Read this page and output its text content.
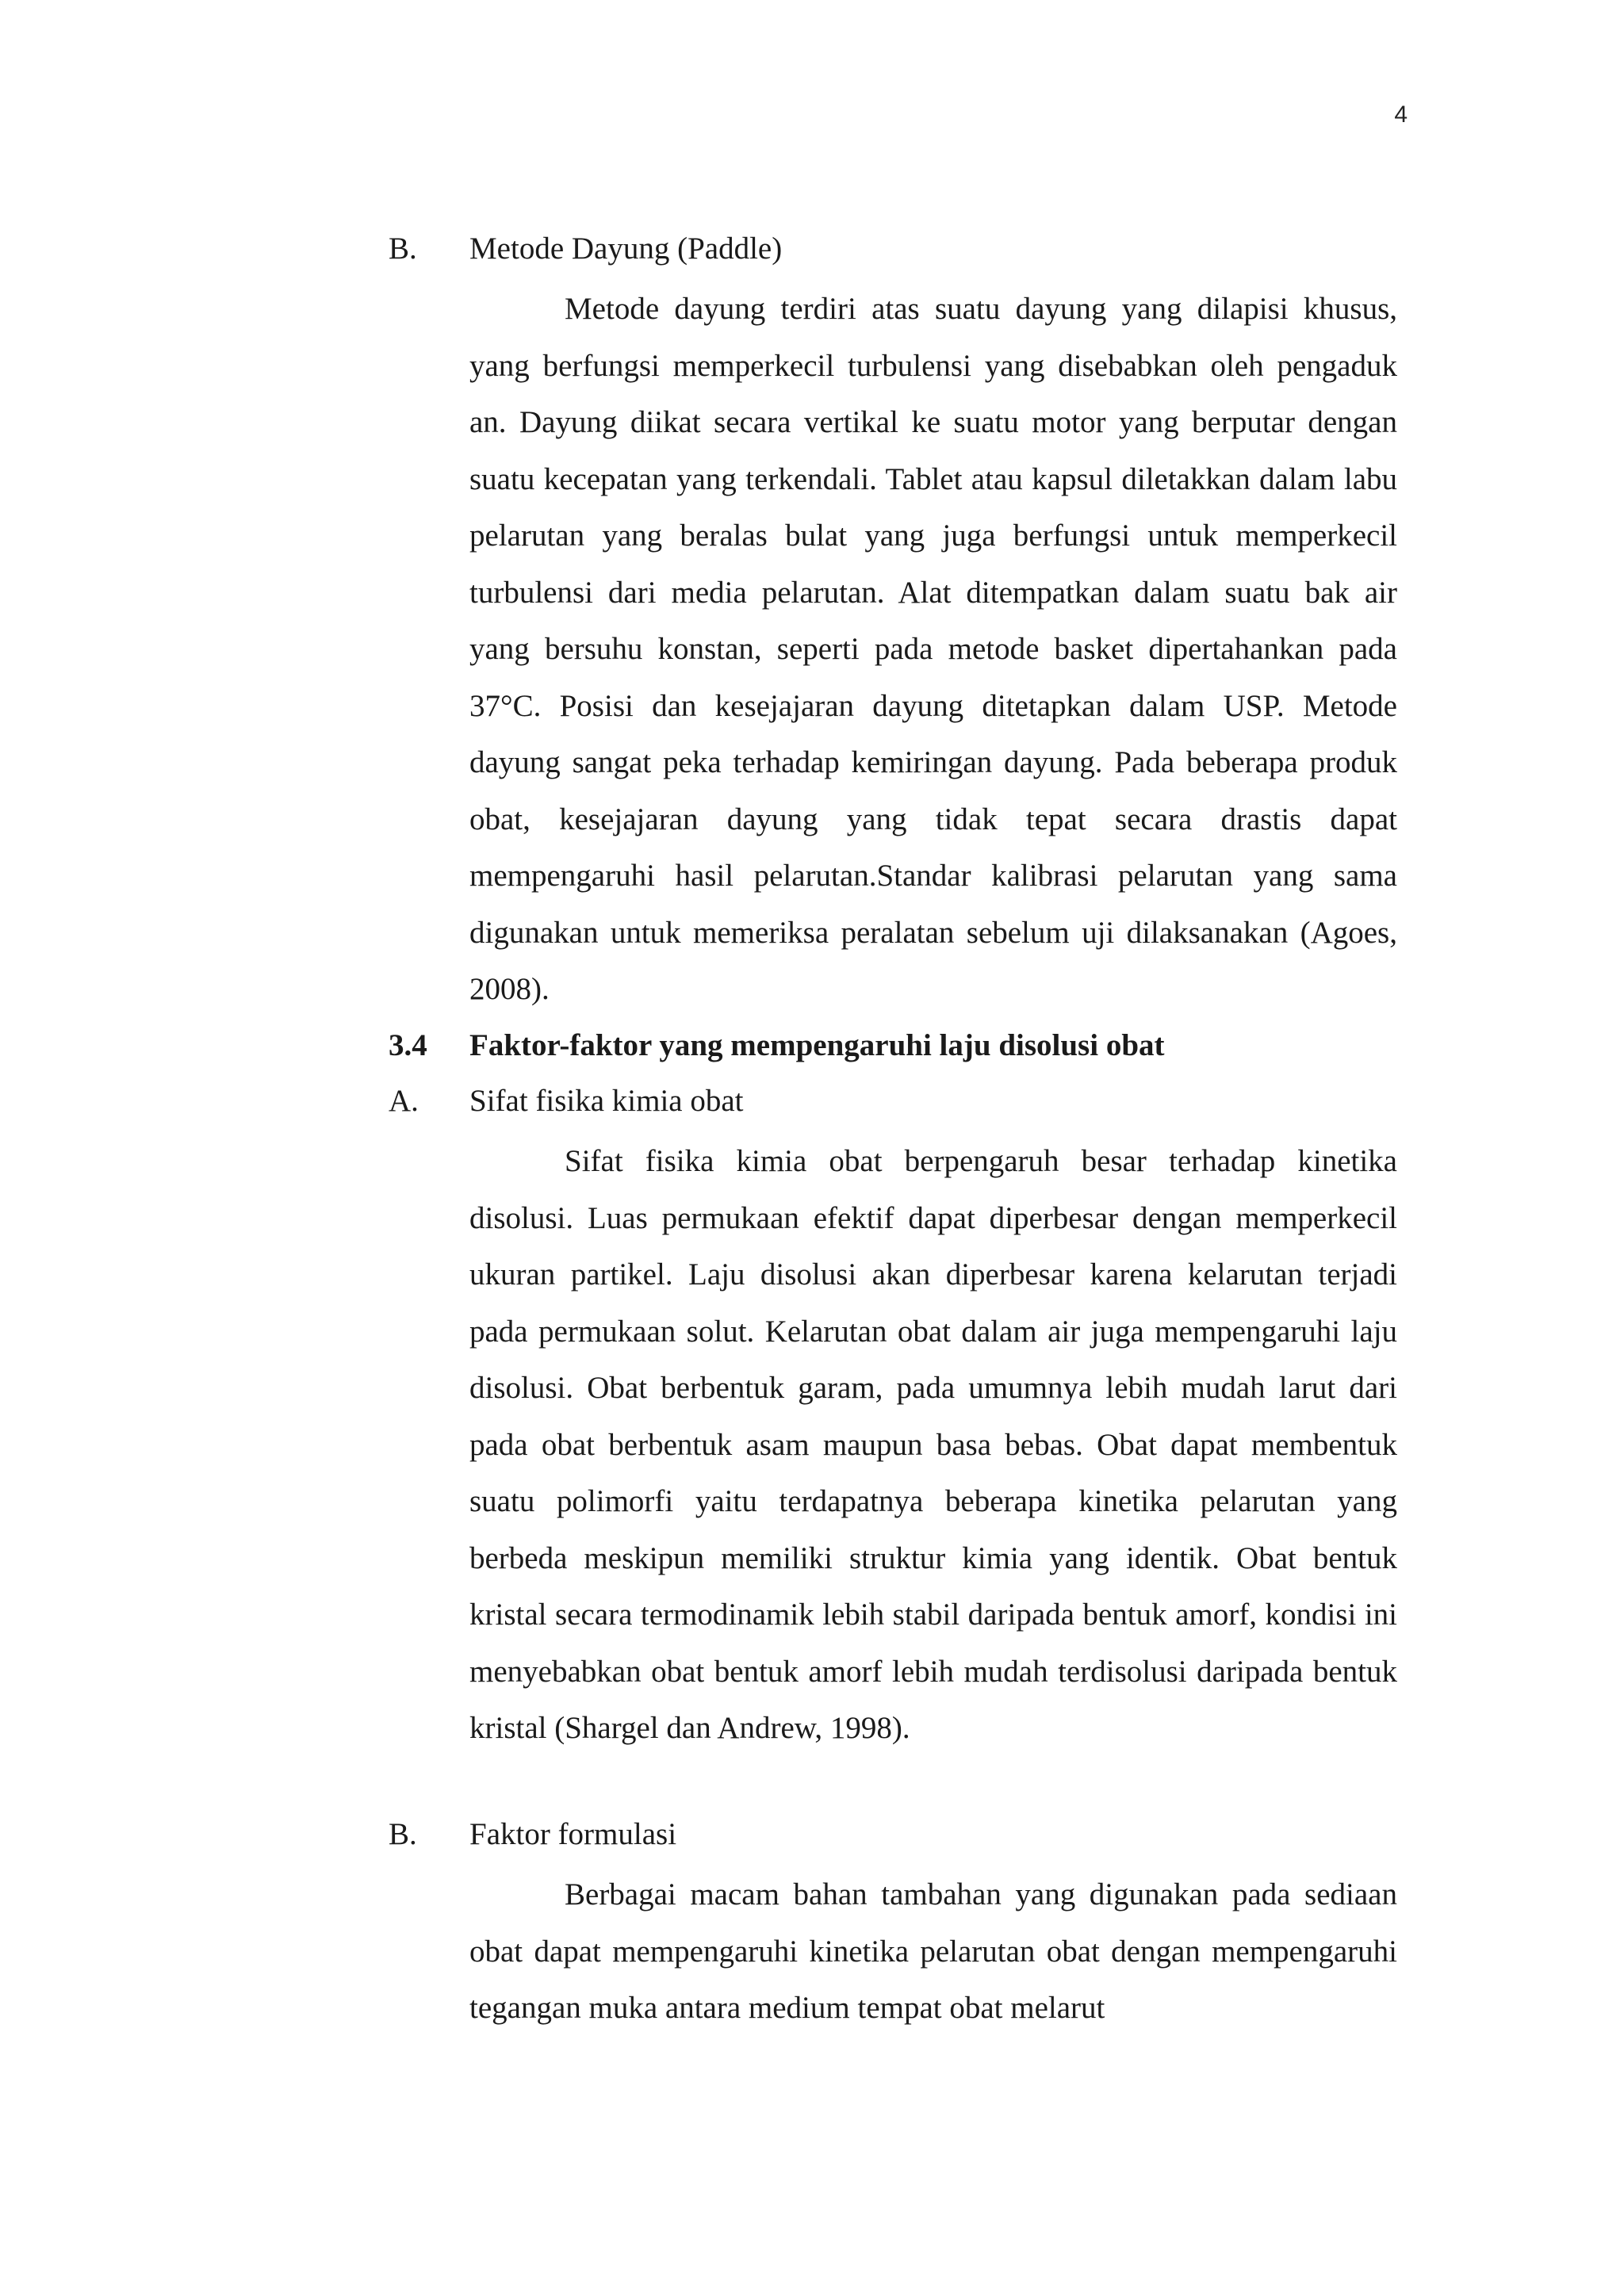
4
B. Metode Dayung (Paddle)

Metode dayung terdiri atas suatu dayung yang dilapisi khusus, yang berfungsi memperkecil turbulensi yang disebabkan oleh pengaduk an. Dayung diikat secara vertikal ke suatu motor yang berputar dengan suatu kecepatan yang terkendali. Tablet atau kapsul diletakkan dalam labu pelarutan yang beralas bulat yang juga berfungsi untuk memperkecil turbulensi dari media pelarutan. Alat ditempatkan dalam suatu bak air yang bersuhu konstan, seperti pada metode basket dipertahankan pada 37°C. Posisi dan kesejajaran dayung ditetapkan dalam USP. Metode dayung sangat peka terhadap kemiringan dayung. Pada beberapa produk obat, kesejajaran dayung yang tidak tepat secara drastis dapat mempengaruhi hasil pelarutan.Standar kalibrasi pelarutan yang sama digunakan untuk memeriksa peralatan sebelum uji dilaksanakan (Agoes, 2008).

3.4 Faktor-faktor yang mempengaruhi laju disolusi obat
A. Sifat fisika kimia obat

Sifat fisika kimia obat berpengaruh besar terhadap kinetika disolusi. Luas permukaan efektif dapat diperbesar dengan memperkecil ukuran partikel. Laju disolusi akan diperbesar karena kelarutan terjadi pada permukaan solut. Kelarutan obat dalam air juga mempengaruhi laju disolusi. Obat berbentuk garam, pada umumnya lebih mudah larut dari pada obat berbentuk asam maupun basa bebas. Obat dapat membentuk suatu polimorfi yaitu terdapatnya beberapa kinetika pelarutan yang berbeda meskipun memiliki struktur kimia yang identik. Obat bentuk kristal secara termodinamik lebih stabil daripada bentuk amorf, kondisi ini menyebabkan obat bentuk amorf lebih mudah terdisolusi daripada bentuk kristal (Shargel dan Andrew, 1998).

B. Faktor formulasi

Berbagai macam bahan tambahan yang digunakan pada sediaan obat dapat mempengaruhi kinetika pelarutan obat dengan mempengaruhi tegangan muka antara medium tempat obat melarut
